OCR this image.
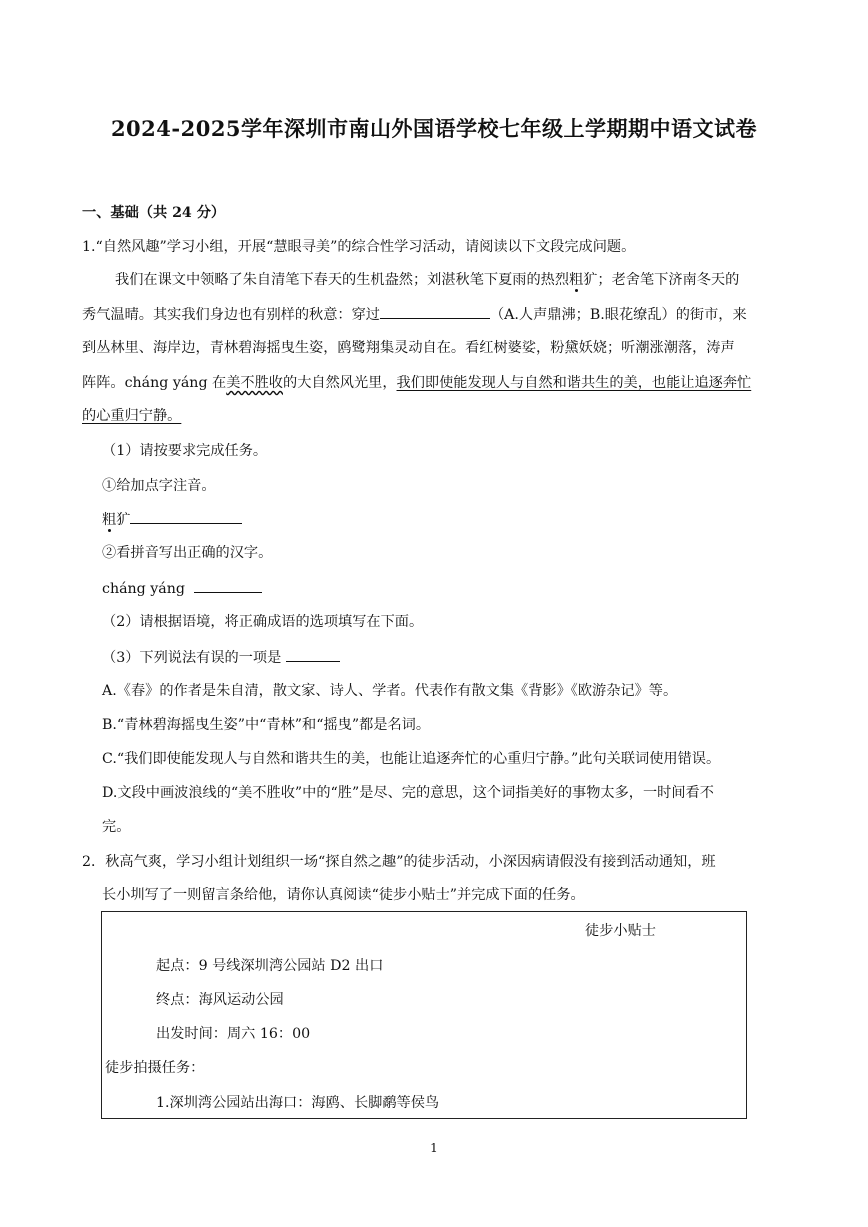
2024-2025学年深圳市南山外国语学校七年级上学期期中语文试卷
一、基础（共 24 分）
1.“自然风趣”学习小组，开展“慧眼寻美”的综合性学习活动，请阅读以下文段完成问题。
我们在课文中领略了朱自清笔下春天的生机盎然；刘湛秋笔下夏雨的热烈粗犷；老舍笔下济南冬天的
秀气温晴。其实我们身边也有别样的秋意：穿过	（A.人声鼎沸；B.眼花缭乱）的街市，来
到丛林里、海岸边，青林碧海摇曳生姿，鸥鹭翔集灵动自在。看红树婆娑，粉黛妖娆；听潮涨潮落，涛声
阵阵。cháng yáng 在美不胜收的大自然风光里，我们即使能发现人与自然和谐共生的美，也能让追逐奔忙
的心重归宁静。
（1）请按要求完成任务。
①给加点字注音。
粗犷
②看拼音写出正确的汉字。
cháng yáng
（2）请根据语境，将正确成语的选项填写在下面。
（3）下列说法有误的一项是
A.《春》的作者是朱自清，散文家、诗人、学者。代表作有散文集《背影》《欧游杂记》等。
B.“青林碧海摇曳生姿”中“青林”和“摇曳”都是名词。
C.“我们即使能发现人与自然和谐共生的美，也能让追逐奔忙的心重归宁静。”此句关联词使用错误。
D.文段中画波浪线的“美不胜收”中的“胜”是尽、完的意思，这个词指美好的事物太多，一时间看不
完。
2．秋高气爽，学习小组计划组织一场“探自然之趣”的徒步活动，小深因病请假没有接到活动通知，班
长小圳写了一则留言条给他，请你认真阅读“徒步小贴士”并完成下面的任务。
徒步小贴士
起点：9 号线深圳湾公园站 D2 出口
终点：海风运动公园
出发时间：周六 16：00
徒步拍摄任务：
1.深圳湾公园站出海口：海鸥、长脚鹬等侯鸟
1
